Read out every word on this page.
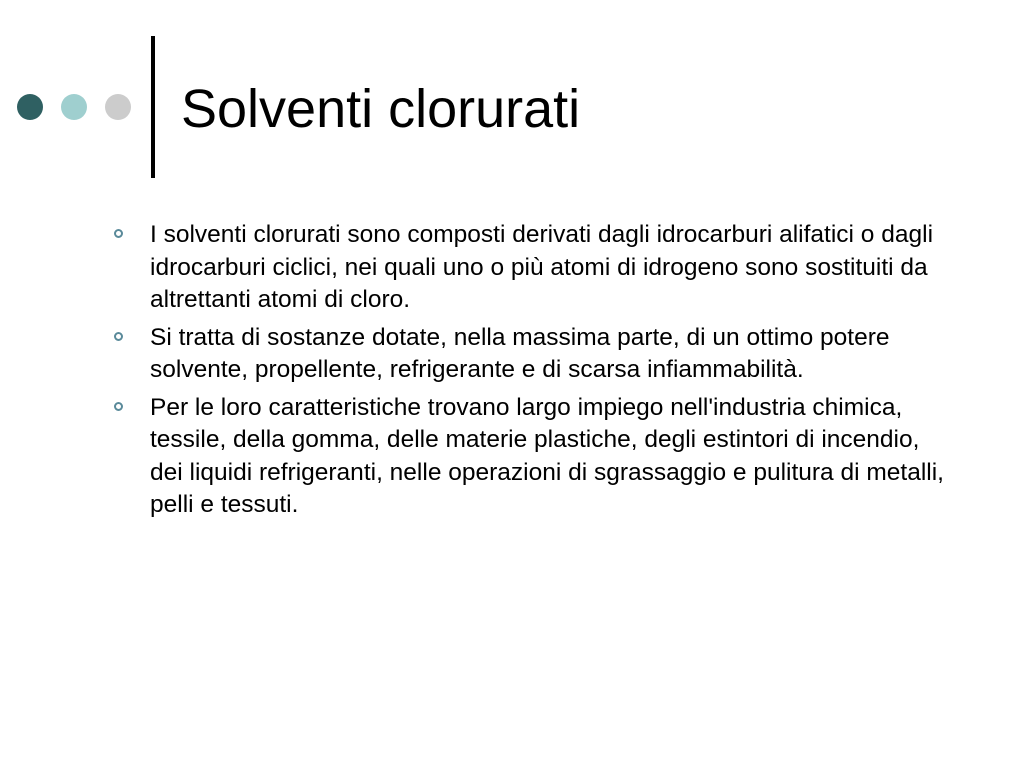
Solventi clorurati
I solventi clorurati sono composti derivati dagli idrocarburi alifatici o dagli idrocarburi ciclici, nei quali uno o più atomi di idrogeno sono sostituiti da altrettanti atomi di cloro.
Si tratta di sostanze dotate, nella massima parte, di un ottimo potere solvente, propellente, refrigerante e di scarsa infiammabilità.
Per le loro caratteristiche trovano largo impiego nell'industria chimica, tessile, della gomma, delle materie plastiche, degli estintori di incendio, dei liquidi refrigeranti, nelle operazioni di sgrassaggio e pulitura di metalli, pelli e tessuti.
